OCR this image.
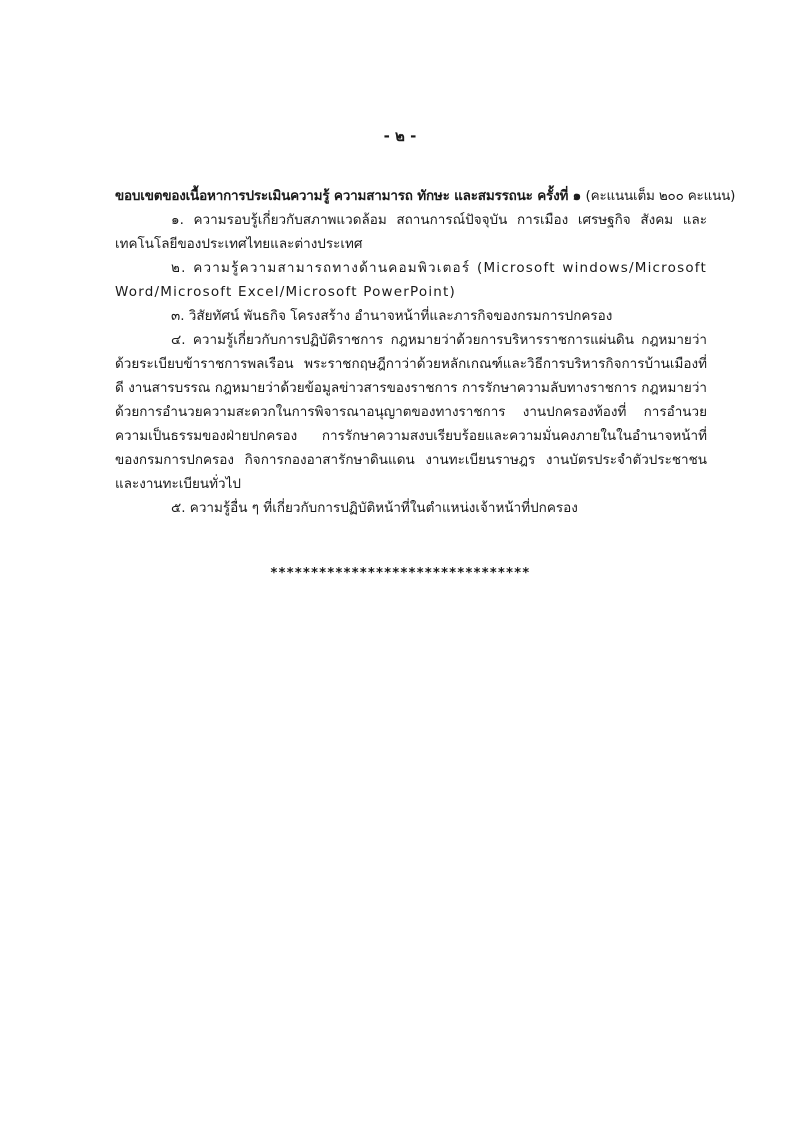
- ๒ -
ขอบเขตของเนื้อหาการประเมินความรู้ ความสามารถ ทักษะ และสมรรถนะ ครั้งที่ ๑ (คะแนนเต็ม ๒๐๐ คะแนน)

๑. ความรอบรู้เกี่ยวกับสภาพแวดล้อม สถานการณ์ปัจจุบัน การเมือง เศรษฐกิจ สังคม และเทคโนโลยีของประเทศไทยและต่างประเทศ

๒. ความรู้ความสามารถทางด้านคอมพิวเตอร์ (Microsoft windows/Microsoft Word/Microsoft Excel/Microsoft PowerPoint)

๓. วิสัยทัศน์ พันธกิจ โครงสร้าง อำนาจหน้าที่และภารกิจของกรมการปกครอง

๔. ความรู้เกี่ยวกับการปฏิบัติราชการ กฎหมายว่าด้วยการบริหารราชการแผ่นดิน กฎหมายว่าด้วยระเบียบข้าราชการพลเรือน พระราชกฤษฎีกาว่าด้วยหลักเกณฑ์และวิธีการบริหารกิจการบ้านเมืองที่ดี งานสารบรรณ กฎหมายว่าด้วยข้อมูลข่าวสารของราชการ การรักษาความลับทางราชการ กฎหมายว่าด้วยการอำนวยความสะดวกในการพิจารณาอนุญาตของทางราชการ งานปกครองท้องที่ การอำนวยความเป็นธรรมของฝ่ายปกครอง การรักษาความสงบเรียบร้อยและความมั่นคงภายในในอำนาจหน้าที่ของกรมการปกครอง กิจการกองอาสารักษาดินแดน งานทะเบียนราษฎร งานบัตรประจำตัวประชาชนและงานทะเบียนทั่วไป

๕. ความรู้อื่น ๆ ที่เกี่ยวกับการปฏิบัติหน้าที่ในตำแหน่งเจ้าหน้าที่ปกครอง

********************************
